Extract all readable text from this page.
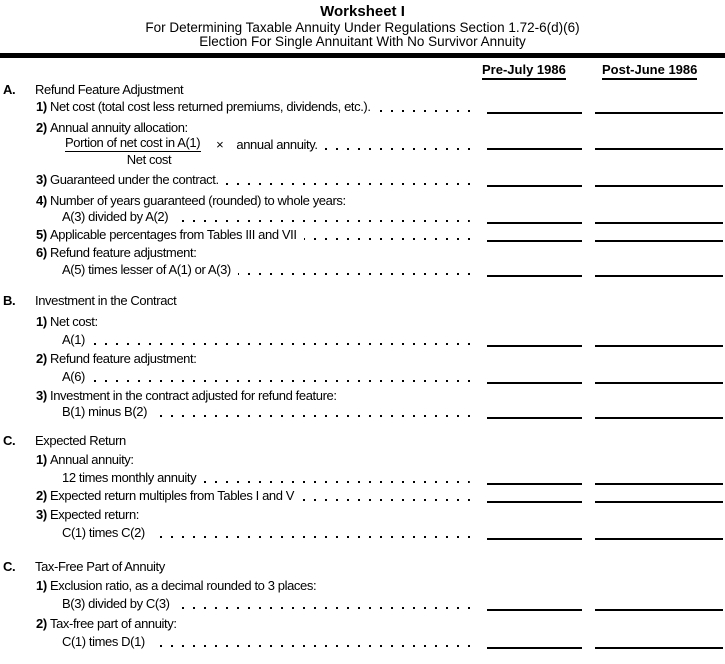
Worksheet I
For Determining Taxable Annuity Under Regulations Section 1.72-6(d)(6)
Election For Single Annuitant With No Survivor Annuity
Pre-July 1986	Post-June 1986
A. Refund Feature Adjustment
1) Net cost (total cost less returned premiums, dividends, etc.).
2) Annual annuity allocation:
Portion of net cost in A(1) × annual annuity.
Net cost
3) Guaranteed under the contract.
4) Number of years guaranteed (rounded) to whole years:
A(3) divided by A(2)
5) Applicable percentages from Tables III and VII
6) Refund feature adjustment:
A(5) times lesser of A(1) or A(3)
B. Investment in the Contract
1) Net cost:
A(1)
2) Refund feature adjustment:
A(6)
3) Investment in the contract adjusted for refund feature:
B(1) minus B(2)
C. Expected Return
1) Annual annuity:
12 times monthly annuity
2) Expected return multiples from Tables I and V
3) Expected return:
C(1) times C(2)
C. Tax-Free Part of Annuity
1) Exclusion ratio, as a decimal rounded to 3 places:
B(3) divided by C(3)
2) Tax-free part of annuity:
C(1) times D(1)
